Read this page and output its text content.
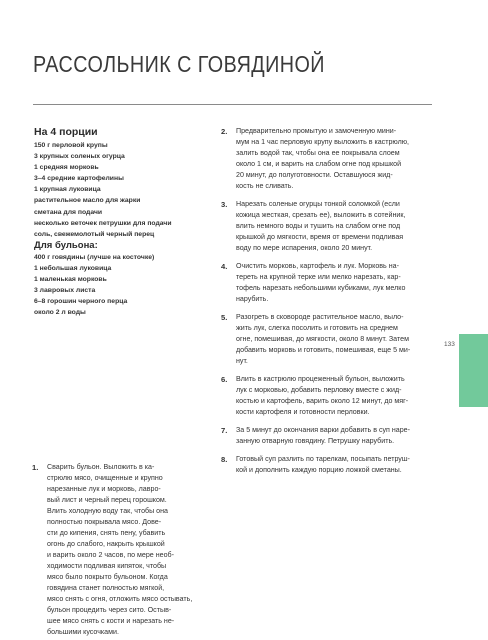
РАССОЛЬНИК С ГОВЯДИНОЙ
На 4 порции
150 г перловой крупы
3 крупных соленых огурца
1 средняя морковь
3–4 средние картофелины
1 крупная луковица
растительное масло для жарки
сметана для подачи
несколько веточек петрушки для подачи
соль, свежемолотый черный перец
Для бульона:
400 г говядины (лучше на косточке)
1 небольшая луковица
1 маленькая морковь
3 лавровых листа
6–8 горошин черного перца
около 2 л воды
1. Сварить бульон. Выложить в ка-
стрюлю мясо, очищенные и крупно
нарезанные лук и морковь, лавро-
вый лист и черный перец горошком.
Влить холодную воду так, чтобы она
полностью покрывала мясо. Дове-
сти до кипения, снять пену, убавить
огонь до слабого, накрыть крышкой
и варить около 2 часов, по мере необ-
ходимости подливая кипяток, чтобы
мясо было покрыто бульоном. Когда
говядина станет полностью мягкой,
мясо снять с огня, отложить мясо остывать,
бульон процедить через сито. Остыв-
шее мясо снять с кости и нарезать не-
большими кусочками.
2. Предварительно промытую и замоченную мини-
мум на 1 час перловую крупу выложить в кастрюлю,
залить водой так, чтобы она ее покрывала слоем
около 1 см, и варить на слабом огне под крышкой
20 минут, до полуготовности. Оставшуюся жид-
кость не сливать.
3. Нарезать соленые огурцы тонкой соломкой (если
кожица жесткая, срезать ее), выложить в сотейник,
влить немного воды и тушить на слабом огне под
крышкой до мягкости, время от времени подливая
воду по мере испарения, около 20 минут.
4. Очистить морковь, картофель и лук. Морковь на-
тереть на крупной терке или мелко нарезать, кар-
тофель нарезать небольшими кубиками, лук мелко
нарубить.
5. Разогреть в сковороде растительное масло, выло-
жить лук, слегка посолить и готовить на среднем
огне, помешивая, до мягкости, около 8 минут. Затем
добавить морковь и готовить, помешивая, еще 5 ми-
нут.
6. Влить в кастрюлю процеженный бульон, выложить
лук с морковью, добавить перловку вместе с жид-
костью и картофель, варить около 12 минут, до мяг-
кости картофеля и готовности перловки.
7. За 5 минут до окончания варки добавить в суп наре-
занную отварную говядину. Петрушку нарубить.
8. Готовый суп разлить по тарелкам, посыпать петруш-
кой и дополнить каждую порцию ложкой сметаны.
133
